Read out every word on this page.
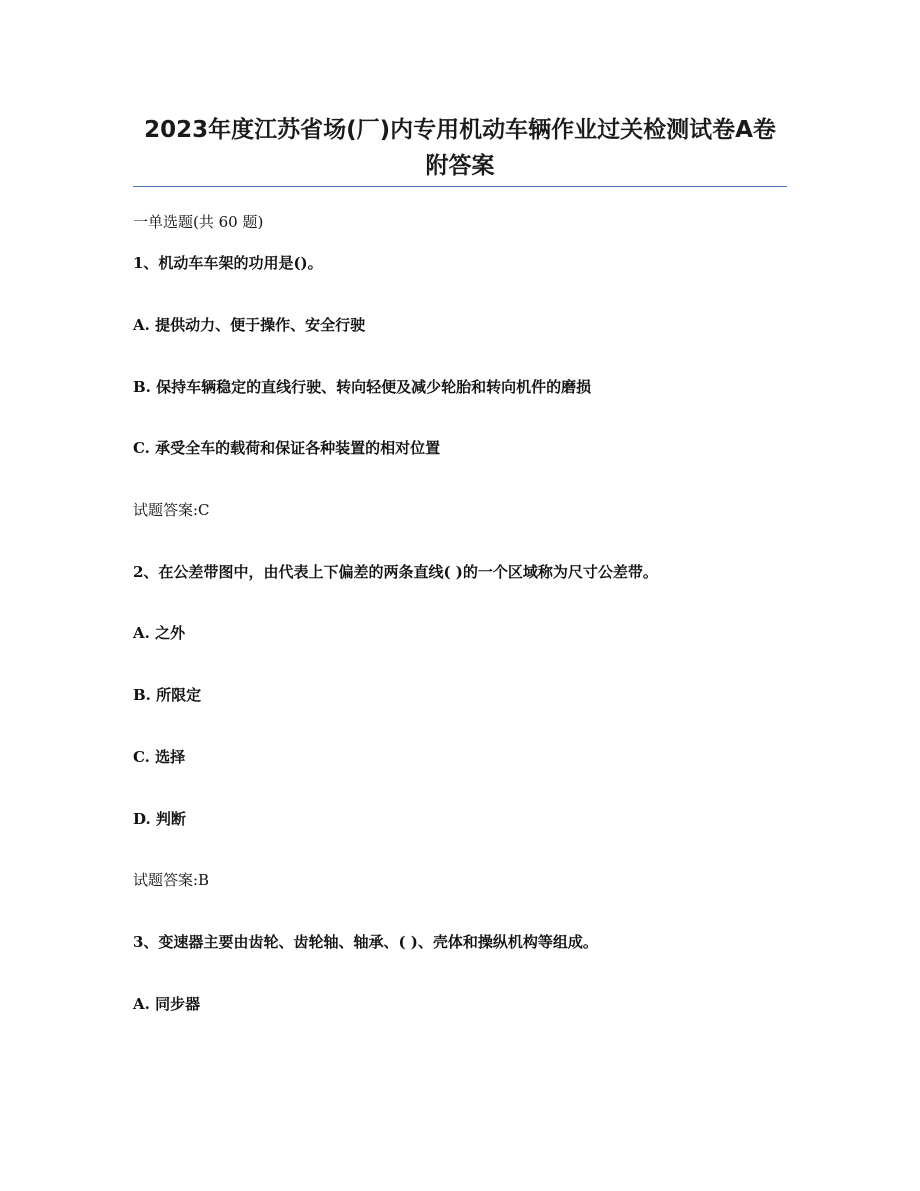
2023年度江苏省场(厂)内专用机动车辆作业过关检测试卷A卷附答案
一单选题(共 60 题)
1、机动车车架的功用是()。
A. 提供动力、便于操作、安全行驶
B. 保持车辆稳定的直线行驶、转向轻便及减少轮胎和转向机件的磨损
C. 承受全车的载荷和保证各种装置的相对位置
试题答案:C
2、在公差带图中，由代表上下偏差的两条直线( )的一个区域称为尺寸公差带。
A. 之外
B. 所限定
C. 选择
D. 判断
试题答案:B
3、变速器主要由齿轮、齿轮轴、轴承、( )、壳体和操纵机构等组成。
A. 同步器
